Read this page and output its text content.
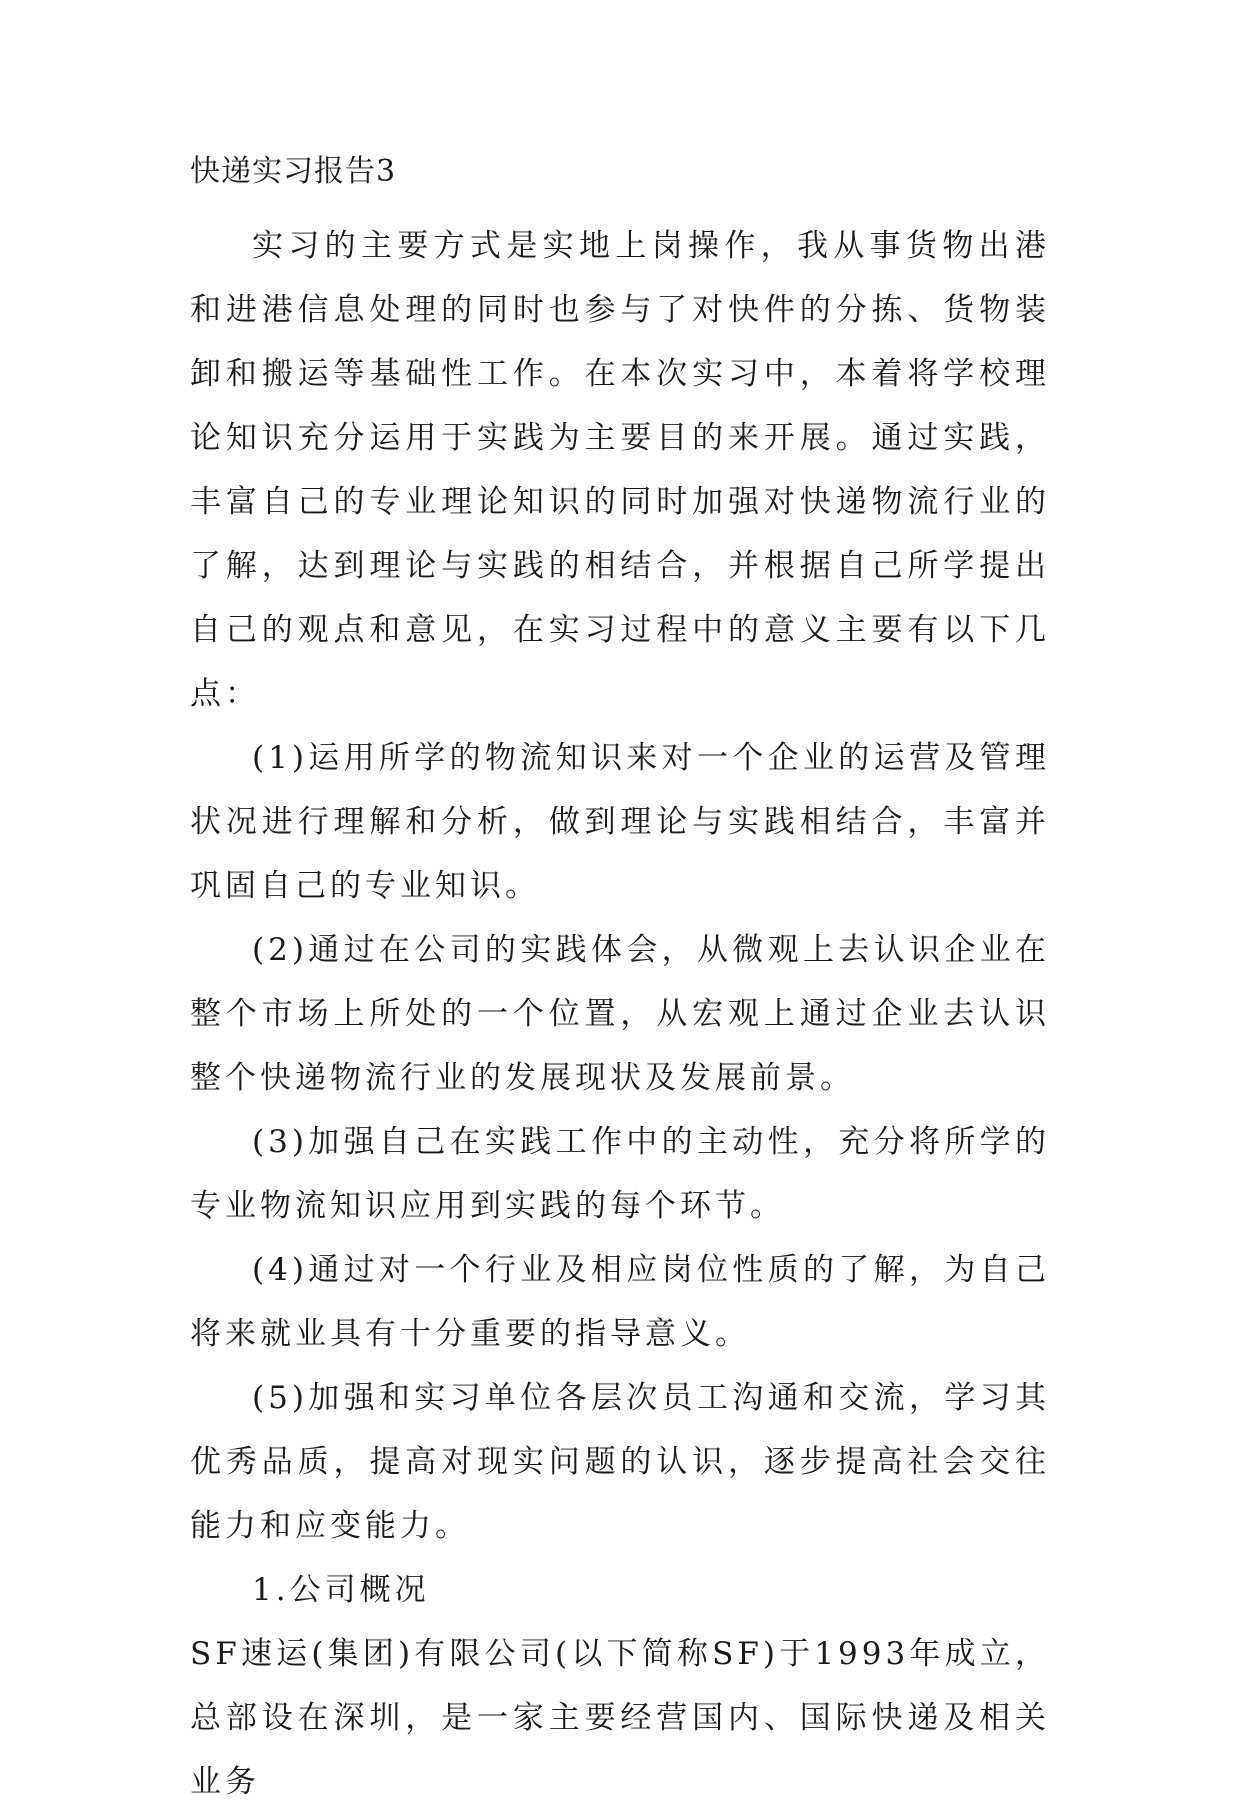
快递实习报告3

实习的主要方式是实地上岗操作，我从事货物出港和进港信息处理的同时也参与了对快件的分拣、货物装卸和搬运等基础性工作。在本次实习中，本着将学校理论知识充分运用于实践为主要目的来开展。通过实践，丰富自己的专业理论知识的同时加强对快递物流行业的了解，达到理论与实践的相结合，并根据自己所学提出自己的观点和意见，在实习过程中的意义主要有以下几点：

(1)运用所学的物流知识来对一个企业的运营及管理状况进行理解和分析，做到理论与实践相结合，丰富并巩固自己的专业知识。

(2)通过在公司的实践体会，从微观上去认识企业在整个市场上所处的一个位置，从宏观上通过企业去认识整个快递物流行业的发展现状及发展前景。

(3)加强自己在实践工作中的主动性，充分将所学的专业物流知识应用到实践的每个环节。

(4)通过对一个行业及相应岗位性质的了解，为自己将来就业具有十分重要的指导意义。

(5)加强和实习单位各层次员工沟通和交流，学习其优秀品质，提高对现实问题的认识，逐步提高社会交往能力和应变能力。

1.公司概况

SF速运(集团)有限公司(以下简称SF)于1993年成立，总部设在深圳，是一家主要经营国内、国际快递及相关业务
